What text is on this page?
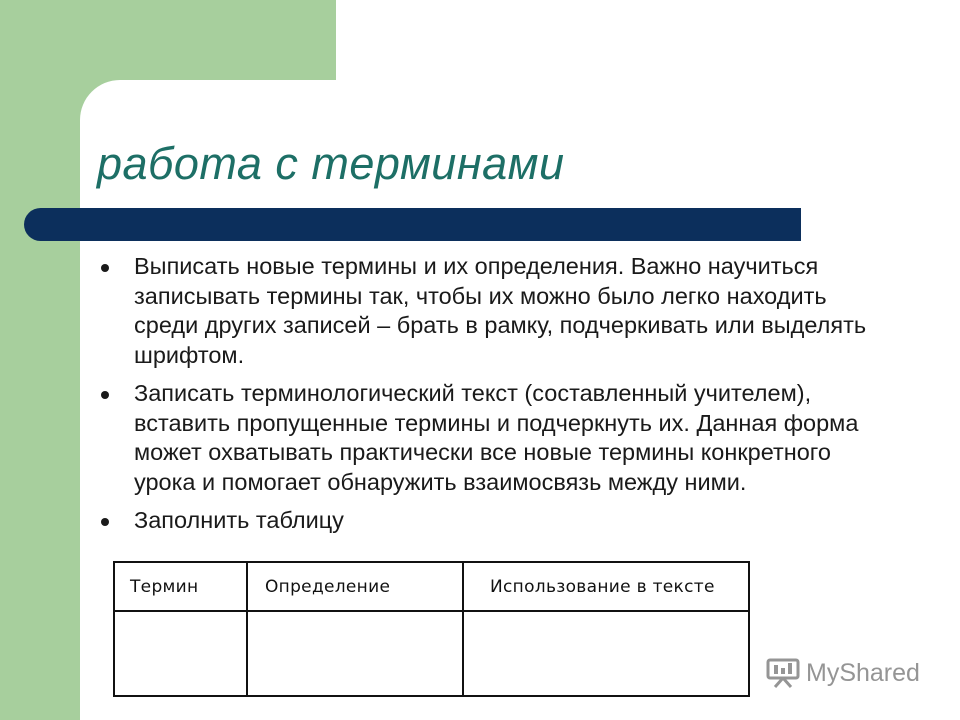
работа с терминами
Выписать новые термины и их определения. Важно научиться записывать термины так, чтобы их можно было легко находить среди других записей – брать в рамку, подчеркивать или выделять шрифтом.
Записать терминологический текст (составленный учителем), вставить пропущенные термины и подчеркнуть их. Данная форма может охватывать практически все новые термины конкретного урока и помогает обнаружить взаимосвязь между ними.
Заполнить таблицу
Термин	Определение	Использование в тексте
MyShared
